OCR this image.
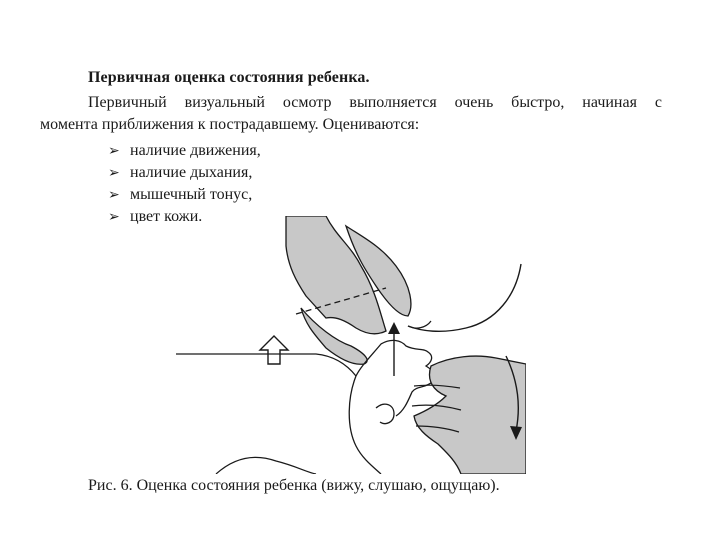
Первичная оценка состояния ребенка.
Первичный визуальный осмотр выполняется очень быстро, начиная с
момента приближения к пострадавшему. Оцениваются:
➢ наличие движения,
➢ наличие дыхания,
➢ мышечный тонус,
➢ цвет кожи.
Рис. 6. Оценка состояния ребенка (вижу, слушаю, ощущаю).
